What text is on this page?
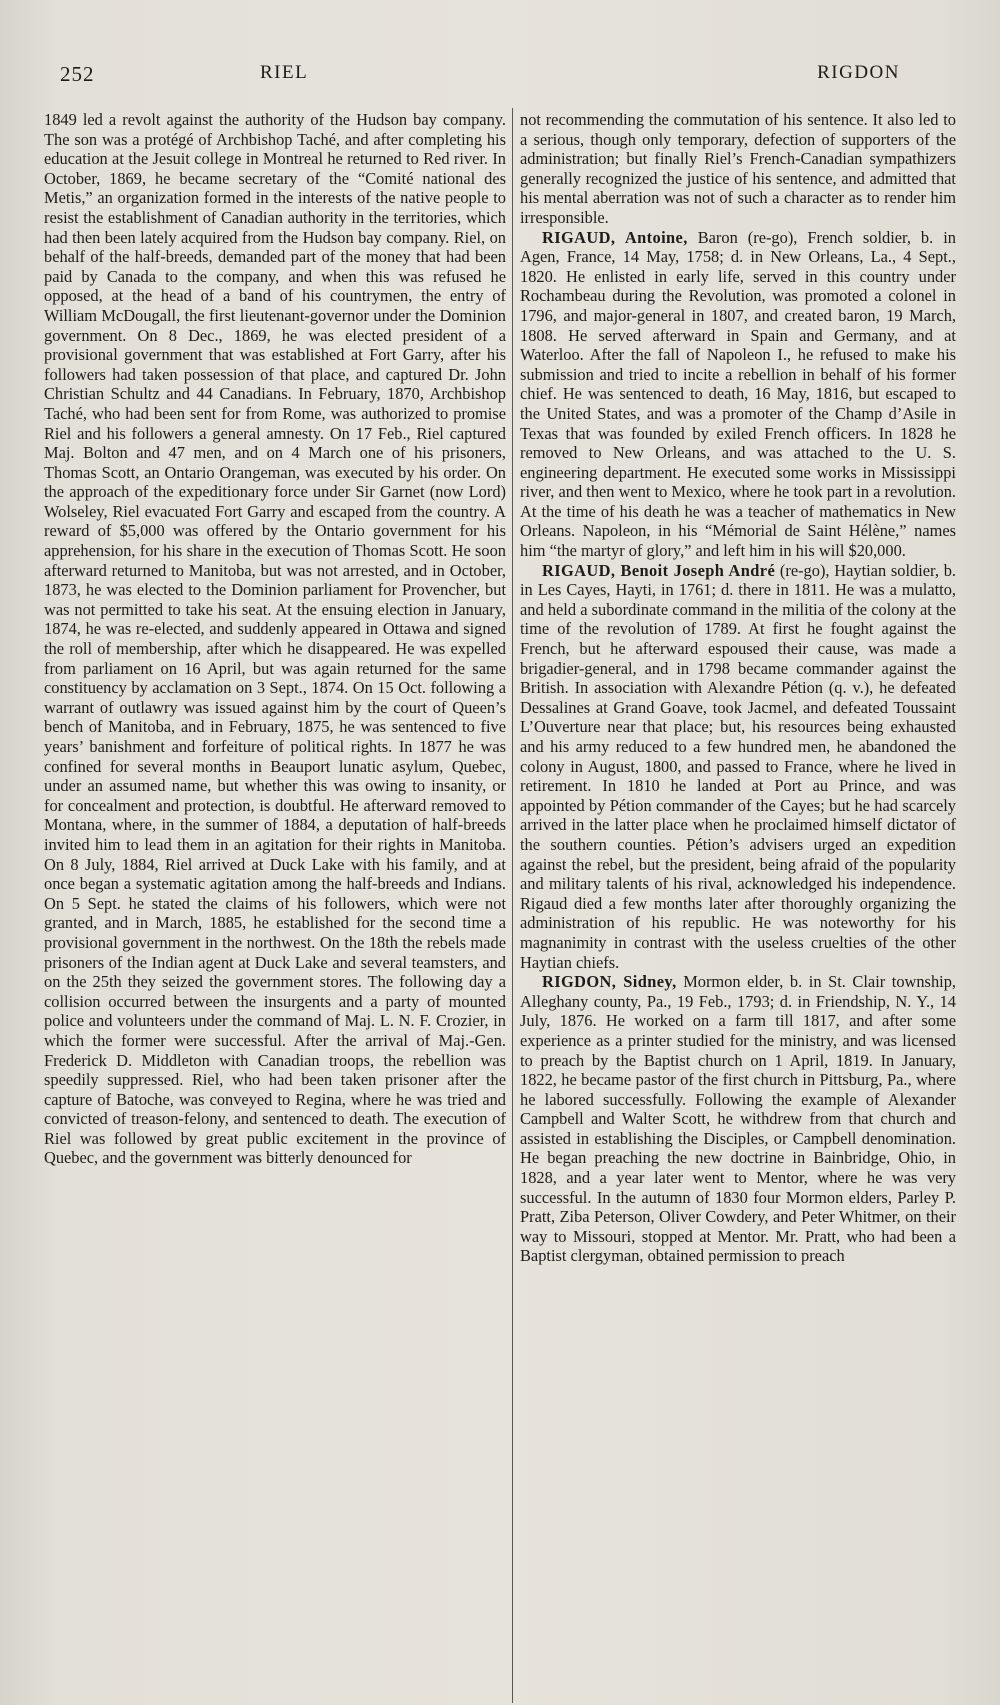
252	RIEL	RIGDON

1849 led a revolt against the authority of the Hudson bay company. The son was a protégé of Archbishop Taché, and after completing his education at the Jesuit college in Montreal he returned to Red river. In October, 1869, he became secretary of the “Comité national des Metis,” an organization formed in the interests of the native people to resist the establishment of Canadian authority in the territories, which had then been lately acquired from the Hudson bay company. Riel, on behalf of the half-breeds, demanded part of the money that had been paid by Canada to the company, and when this was refused he opposed, at the head of a band of his countrymen, the entry of William McDougall, the first lieutenant-governor under the Dominion government. On 8 Dec., 1869, he was elected president of a provisional government that was established at Fort Garry, after his followers had taken possession of that place, and captured Dr. John Christian Schultz and 44 Canadians. In February, 1870, Archbishop Taché, who had been sent for from Rome, was authorized to promise Riel and his followers a general amnesty. On 17 Feb., Riel captured Maj. Bolton and 47 men, and on 4 March one of his prisoners, Thomas Scott, an Ontario Orangeman, was executed by his order. On the approach of the expeditionary force under Sir Garnet (now Lord) Wolseley, Riel evacuated Fort Garry and escaped from the country. A reward of $5,000 was offered by the Ontario government for his apprehension, for his share in the execution of Thomas Scott. He soon afterward returned to Manitoba, but was not arrested, and in October, 1873, he was elected to the Dominion parliament for Provencher, but was not permitted to take his seat. At the ensuing election in January, 1874, he was re-elected, and suddenly appeared in Ottawa and signed the roll of membership, after which he disappeared. He was expelled from parliament on 16 April, but was again returned for the same constituency by acclamation on 3 Sept., 1874. On 15 Oct. following a warrant of outlawry was issued against him by the court of Queen’s bench of Manitoba, and in February, 1875, he was sentenced to five years’ banishment and forfeiture of political rights. In 1877 he was confined for several months in Beauport lunatic asylum, Quebec, under an assumed name, but whether this was owing to insanity, or for concealment and protection, is doubtful. He afterward removed to Montana, where, in the summer of 1884, a deputation of half-breeds invited him to lead them in an agitation for their rights in Manitoba. On 8 July, 1884, Riel arrived at Duck Lake with his family, and at once began a systematic agitation among the half-breeds and Indians. On 5 Sept. he stated the claims of his followers, which were not granted, and in March, 1885, he established for the second time a provisional government in the northwest. On the 18th the rebels made prisoners of the Indian agent at Duck Lake and several teamsters, and on the 25th they seized the government stores. The following day a collision occurred between the insurgents and a party of mounted police and volunteers under the command of Maj. L. N. F. Crozier, in which the former were successful. After the arrival of Maj.-Gen. Frederick D. Middleton with Canadian troops, the rebellion was speedily suppressed. Riel, who had been taken prisoner after the capture of Batoche, was conveyed to Regina, where he was tried and convicted of treason-felony, and sentenced to death. The execution of Riel was followed by great public excitement in the province of Quebec, and the government was bitterly denounced for

not recommending the commutation of his sentence. It also led to a serious, though only temporary, defection of supporters of the administration; but finally Riel’s French-Canadian sympathizers generally recognized the justice of his sentence, and admitted that his mental aberration was not of such a character as to render him irresponsible.

RIGAUD, Antoine, Baron (re-go), French soldier, b. in Agen, France, 14 May, 1758; d. in New Orleans, La., 4 Sept., 1820. He enlisted in early life, served in this country under Rochambeau during the Revolution, was promoted a colonel in 1796, and major-general in 1807, and created baron, 19 March, 1808. He served afterward in Spain and Germany, and at Waterloo. After the fall of Napoleon I., he refused to make his submission and tried to incite a rebellion in behalf of his former chief. He was sentenced to death, 16 May, 1816, but escaped to the United States, and was a promoter of the Champ d’Asile in Texas that was founded by exiled French officers. In 1828 he removed to New Orleans, and was attached to the U. S. engineering department. He executed some works in Mississippi river, and then went to Mexico, where he took part in a revolution. At the time of his death he was a teacher of mathematics in New Orleans. Napoleon, in his “Mémorial de Saint Hélène,” names him “the martyr of glory,” and left him in his will $20,000.

RIGAUD, Benoit Joseph André (re-go), Haytian soldier, b. in Les Cayes, Hayti, in 1761; d. there in 1811. He was a mulatto, and held a subordinate command in the militia of the colony at the time of the revolution of 1789. At first he fought against the French, but he afterward espoused their cause, was made a brigadier-general, and in 1798 became commander against the British. In association with Alexandre Pétion (q. v.), he defeated Dessalines at Grand Goave, took Jacmel, and defeated Toussaint L’Ouverture near that place; but, his resources being exhausted and his army reduced to a few hundred men, he abandoned the colony in August, 1800, and passed to France, where he lived in retirement. In 1810 he landed at Port au Prince, and was appointed by Pétion commander of the Cayes; but he had scarcely arrived in the latter place when he proclaimed himself dictator of the southern counties. Pétion’s advisers urged an expedition against the rebel, but the president, being afraid of the popularity and military talents of his rival, acknowledged his independence. Rigaud died a few months later after thoroughly organizing the administration of his republic. He was noteworthy for his magnanimity in contrast with the useless cruelties of the other Haytian chiefs.

RIGDON, Sidney, Mormon elder, b. in St. Clair township, Alleghany county, Pa., 19 Feb., 1793; d. in Friendship, N. Y., 14 July, 1876. He worked on a farm till 1817, and after some experience as a printer studied for the ministry, and was licensed to preach by the Baptist church on 1 April, 1819. In January, 1822, he became pastor of the first church in Pittsburg, Pa., where he labored successfully. Following the example of Alexander Campbell and Walter Scott, he withdrew from that church and assisted in establishing the Disciples, or Campbell denomination. He began preaching the new doctrine in Bainbridge, Ohio, in 1828, and a year later went to Mentor, where he was very successful. In the autumn of 1830 four Mormon elders, Parley P. Pratt, Ziba Peterson, Oliver Cowdery, and Peter Whitmer, on their way to Missouri, stopped at Mentor. Mr. Pratt, who had been a Baptist clergyman, obtained permission to preach
